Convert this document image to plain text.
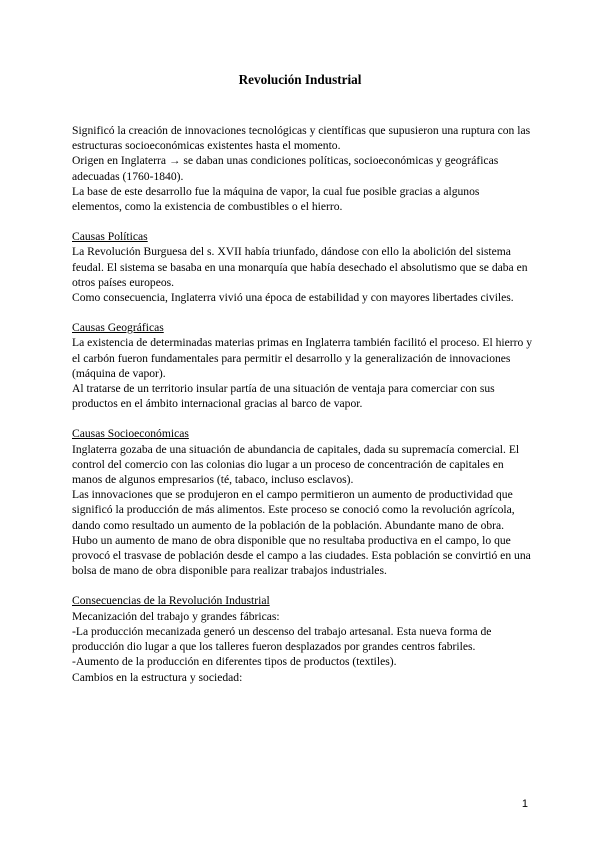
Revolución Industrial

Significó la creación de innovaciones tecnológicas y científicas que supusieron una ruptura con las estructuras socioeconómicas existentes hasta el momento.

Origen en Inglaterra → se daban unas condiciones políticas, socioeconómicas y geográficas adecuadas (1760-1840).

La base de este desarrollo fue la máquina de vapor, la cual fue posible gracias a algunos elementos, como la existencia de combustibles o el hierro.

Causas Políticas

La Revolución Burguesa del s. XVII había triunfado, dándose con ello la abolición del sistema feudal. El sistema se basaba en una monarquía que había desechado el absolutismo que se daba en otros países europeos.

Como consecuencia, Inglaterra vivió una época de estabilidad y con mayores libertades civiles.

Causas Geográficas

La existencia de determinadas materias primas en Inglaterra también facilitó el proceso. El hierro y el carbón fueron fundamentales para permitir el desarrollo y la generalización de innovaciones (máquina de vapor).

Al tratarse de un territorio insular partía de una situación de ventaja para comerciar con sus productos en el ámbito internacional gracias al barco de vapor.

Causas Socioeconómicas

Inglaterra gozaba de una situación de abundancia de capitales, dada su supremacía comercial. El control del comercio con las colonias dio lugar a un proceso de concentración de capitales en manos de algunos empresarios (té, tabaco, incluso esclavos).

Las innovaciones que se produjeron en el campo permitieron un aumento de productividad que significó la producción de más alimentos. Este proceso se conoció como la revolución agrícola, dando como resultado un aumento de la población de la población. Abundante mano de obra.

Hubo un aumento de mano de obra disponible que no resultaba productiva en el campo, lo que provocó el trasvase de población desde el campo a las ciudades. Esta población se convirtió en una bolsa de mano de obra disponible para realizar trabajos industriales.

Consecuencias de la Revolución Industrial

Mecanización del trabajo y grandes fábricas:

-La producción mecanizada generó un descenso del trabajo artesanal. Esta nueva forma de producción dio lugar a que los talleres fueron desplazados por grandes centros fabriles.

-Aumento de la producción en diferentes tipos de productos (textiles).

Cambios en la estructura y sociedad:

1
